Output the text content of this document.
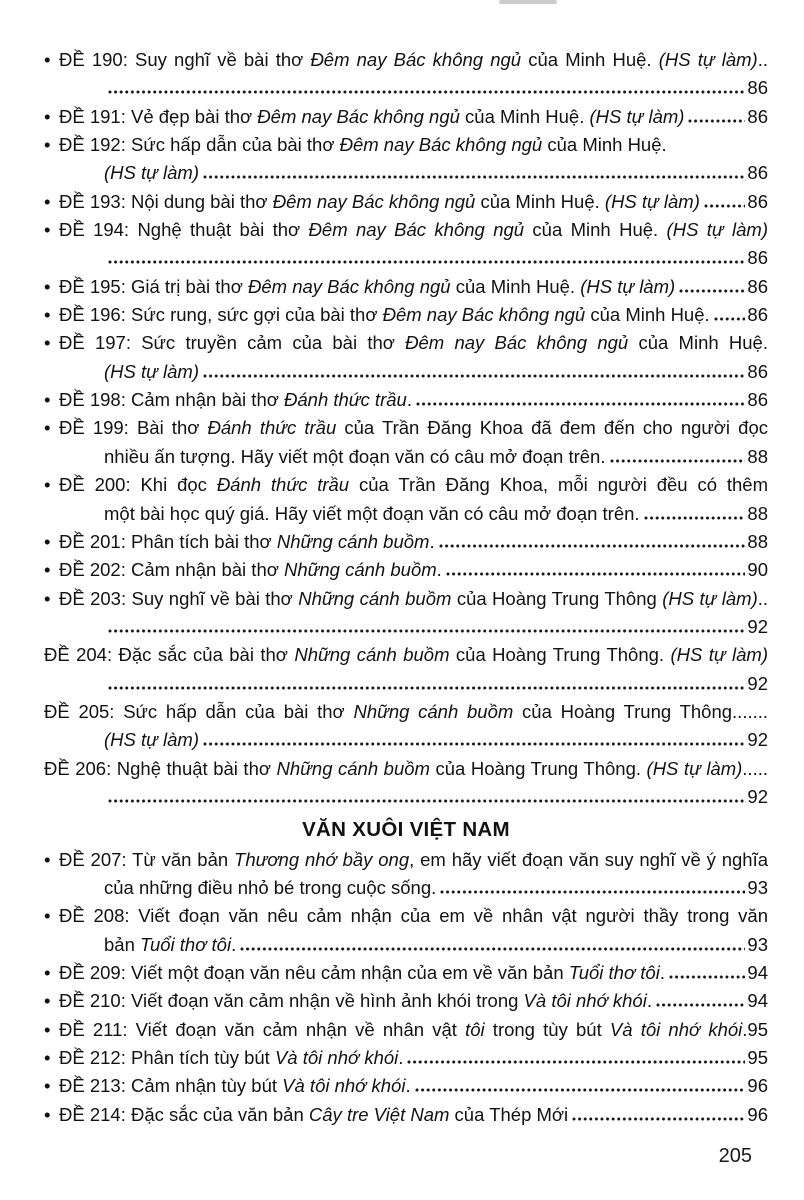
• ĐỀ 190: Suy nghĩ về bài thơ Đêm nay Bác không ngủ của Minh Huệ. (HS tự làm)..
86
• ĐỀ 191: Vẻ đẹp bài thơ Đêm nay Bác không ngủ của Minh Huệ. (HS tự làm)	86
• ĐỀ 192: Sức hấp dẫn của bài thơ Đêm nay Bác không ngủ của Minh Huệ.
(HS tự làm)	86
• ĐỀ 193: Nội dung bài thơ Đêm nay Bác không ngủ của Minh Huệ. (HS tự làm)	86
• ĐỀ 194: Nghệ thuật bài thơ Đêm nay Bác không ngủ của Minh Huệ. (HS tự làm)
86
• ĐỀ 195: Giá trị bài thơ Đêm nay Bác không ngủ của Minh Huệ. (HS tự làm)	86
• ĐỀ 196: Sức rung, sức gợi của bài thơ Đêm nay Bác không ngủ của Minh Huệ. 86
• ĐỀ 197: Sức truyền cảm của bài thơ Đêm nay Bác không ngủ của Minh Huệ.
(HS tự làm)	86
• ĐỀ 198: Cảm nhận bài thơ Đánh thức trầu.	86
• ĐỀ 199: Bài thơ Đánh thức trầu của Trần Đăng Khoa đã đem đến cho người đọc
nhiều ấn tượng. Hãy viết một đoạn văn có câu mở đoạn trên.	88
• ĐỀ 200: Khi đọc Đánh thức trầu của Trần Đăng Khoa, mỗi người đều có thêm
một bài học quý giá. Hãy viết một đoạn văn có câu mở đoạn trên.	88
• ĐỀ 201: Phân tích bài thơ Những cánh buồm.	88
• ĐỀ 202: Cảm nhận bài thơ Những cánh buồm.	90
• ĐỀ 203: Suy nghĩ về bài thơ Những cánh buồm của Hoàng Trung Thông (HS tự làm)..
92
ĐỀ 204: Đặc sắc của bài thơ Những cánh buồm của Hoàng Trung Thông. (HS tự làm)
92
ĐỀ 205: Sức hấp dẫn của bài thơ Những cánh buồm của Hoàng Trung Thông.......
(HS tự làm)	92
ĐỀ 206: Nghệ thuật bài thơ Những cánh buồm của Hoàng Trung Thông. (HS tự làm).....
92
VĂN XUÔI VIỆT NAM
• ĐỀ 207: Từ văn bản Thương nhớ bầy ong, em hãy viết đoạn văn suy nghĩ về ý nghĩa
của những điều nhỏ bé trong cuộc sống.	93
• ĐỀ 208: Viết đoạn văn nêu cảm nhận của em về nhân vật người thầy trong văn
bản Tuổi thơ tôi.	93
• ĐỀ 209: Viết một đoạn văn nêu cảm nhận của em về văn bản Tuổi thơ tôi.	94
• ĐỀ 210: Viết đoạn văn cảm nhận về hình ảnh khói trong Và tôi nhớ khói.	94
• ĐỀ 211: Viết đoạn văn cảm nhận về nhân vật tôi trong tùy bút Và tôi nhớ khói. 95
• ĐỀ 212: Phân tích tùy bút Và tôi nhớ khói.	95
• ĐỀ 213: Cảm nhận tùy bút Và tôi nhớ khói.	96
• ĐỀ 214: Đặc sắc của văn bản Cây tre Việt Nam của Thép Mới	96
205
